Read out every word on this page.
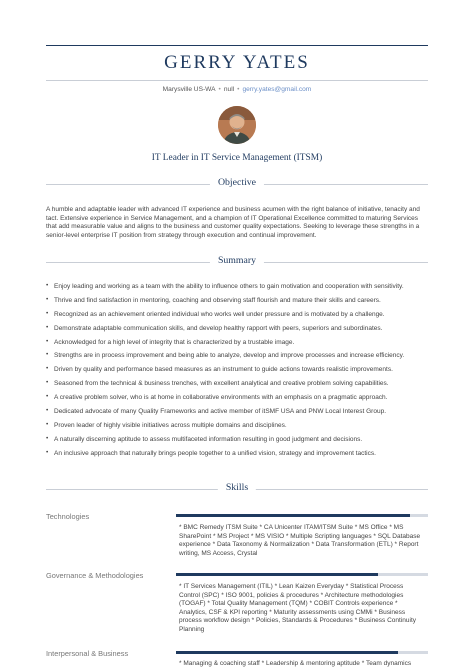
GERRY YATES
Marysville US-WA • null • gerry.yates@gmail.com
IT Leader in IT Service Management (ITSM)
Objective
A humble and adaptable leader with advanced IT experience and business acumen with the right balance of initiative, tenacity and tact. Extensive experience in Service Management, and a champion of IT Operational Excellence committed to maturing Services that add measurable value and aligns to the business and customer quality expectations. Seeking to leverage these strengths in a senior-level enterprise IT position from strategy through execution and continual improvement.
Summary
• Enjoy leading and working as a team with the ability to influence others to gain motivation and cooperation with sensitivity.
• Thrive and find satisfaction in mentoring, coaching and observing staff flourish and mature their skills and careers.
• Recognized as an achievement oriented individual who works well under pressure and is motivated by a challenge.
• Demonstrate adaptable communication skills, and develop healthy rapport with peers, superiors and subordinates.
• Acknowledged for a high level of integrity that is characterized by a trustable image.
• Strengths are in process improvement and being able to analyze, develop and improve processes and increase efficiency.
• Driven by quality and performance based measures as an instrument to guide actions towards realistic improvements.
• Seasoned from the technical & business trenches, with excellent analytical and creative problem solving capabilities.
• A creative problem solver, who is at home in collaborative environments with an emphasis on a pragmatic approach.
• Dedicated advocate of many Quality Frameworks and active member of itSMF USA and PNW Local Interest Group.
• Proven leader of highly visible initiatives across multiple domains and disciplines.
• A naturally discerning aptitude to assess multifaceted information resulting in good judgment and decisions.
• An inclusive approach that naturally brings people together to a unified vision, strategy and improvement tactics.
Skills
Technologies
* BMC Remedy ITSM Suite * CA Unicenter ITAM/ITSM Suite * MS Office * MS SharePoint * MS Project * MS VISIO * Multiple Scripting languages * SQL Database experience * Data Taxonomy & Normalization * Data Transformation (ETL) * Report writing, MS Access, Crystal
Governance & Methodologies
* IT Services Management (ITIL) * Lean Kaizen Everyday * Statistical Process Control (SPC) * ISO 9001, policies & procedures * Architecture methodologies (TOGAF) * Total Quality Management (TQM) * COBIT Controls experience * Analytics, CSF & KPI reporting * Maturity assessments using CMMi * Business process workflow design * Policies, Standards & Procedures * Business Continuity Planning
Interpersonal & Business
* Managing & coaching staff * Leadership & mentoring aptitude * Team dynamics
